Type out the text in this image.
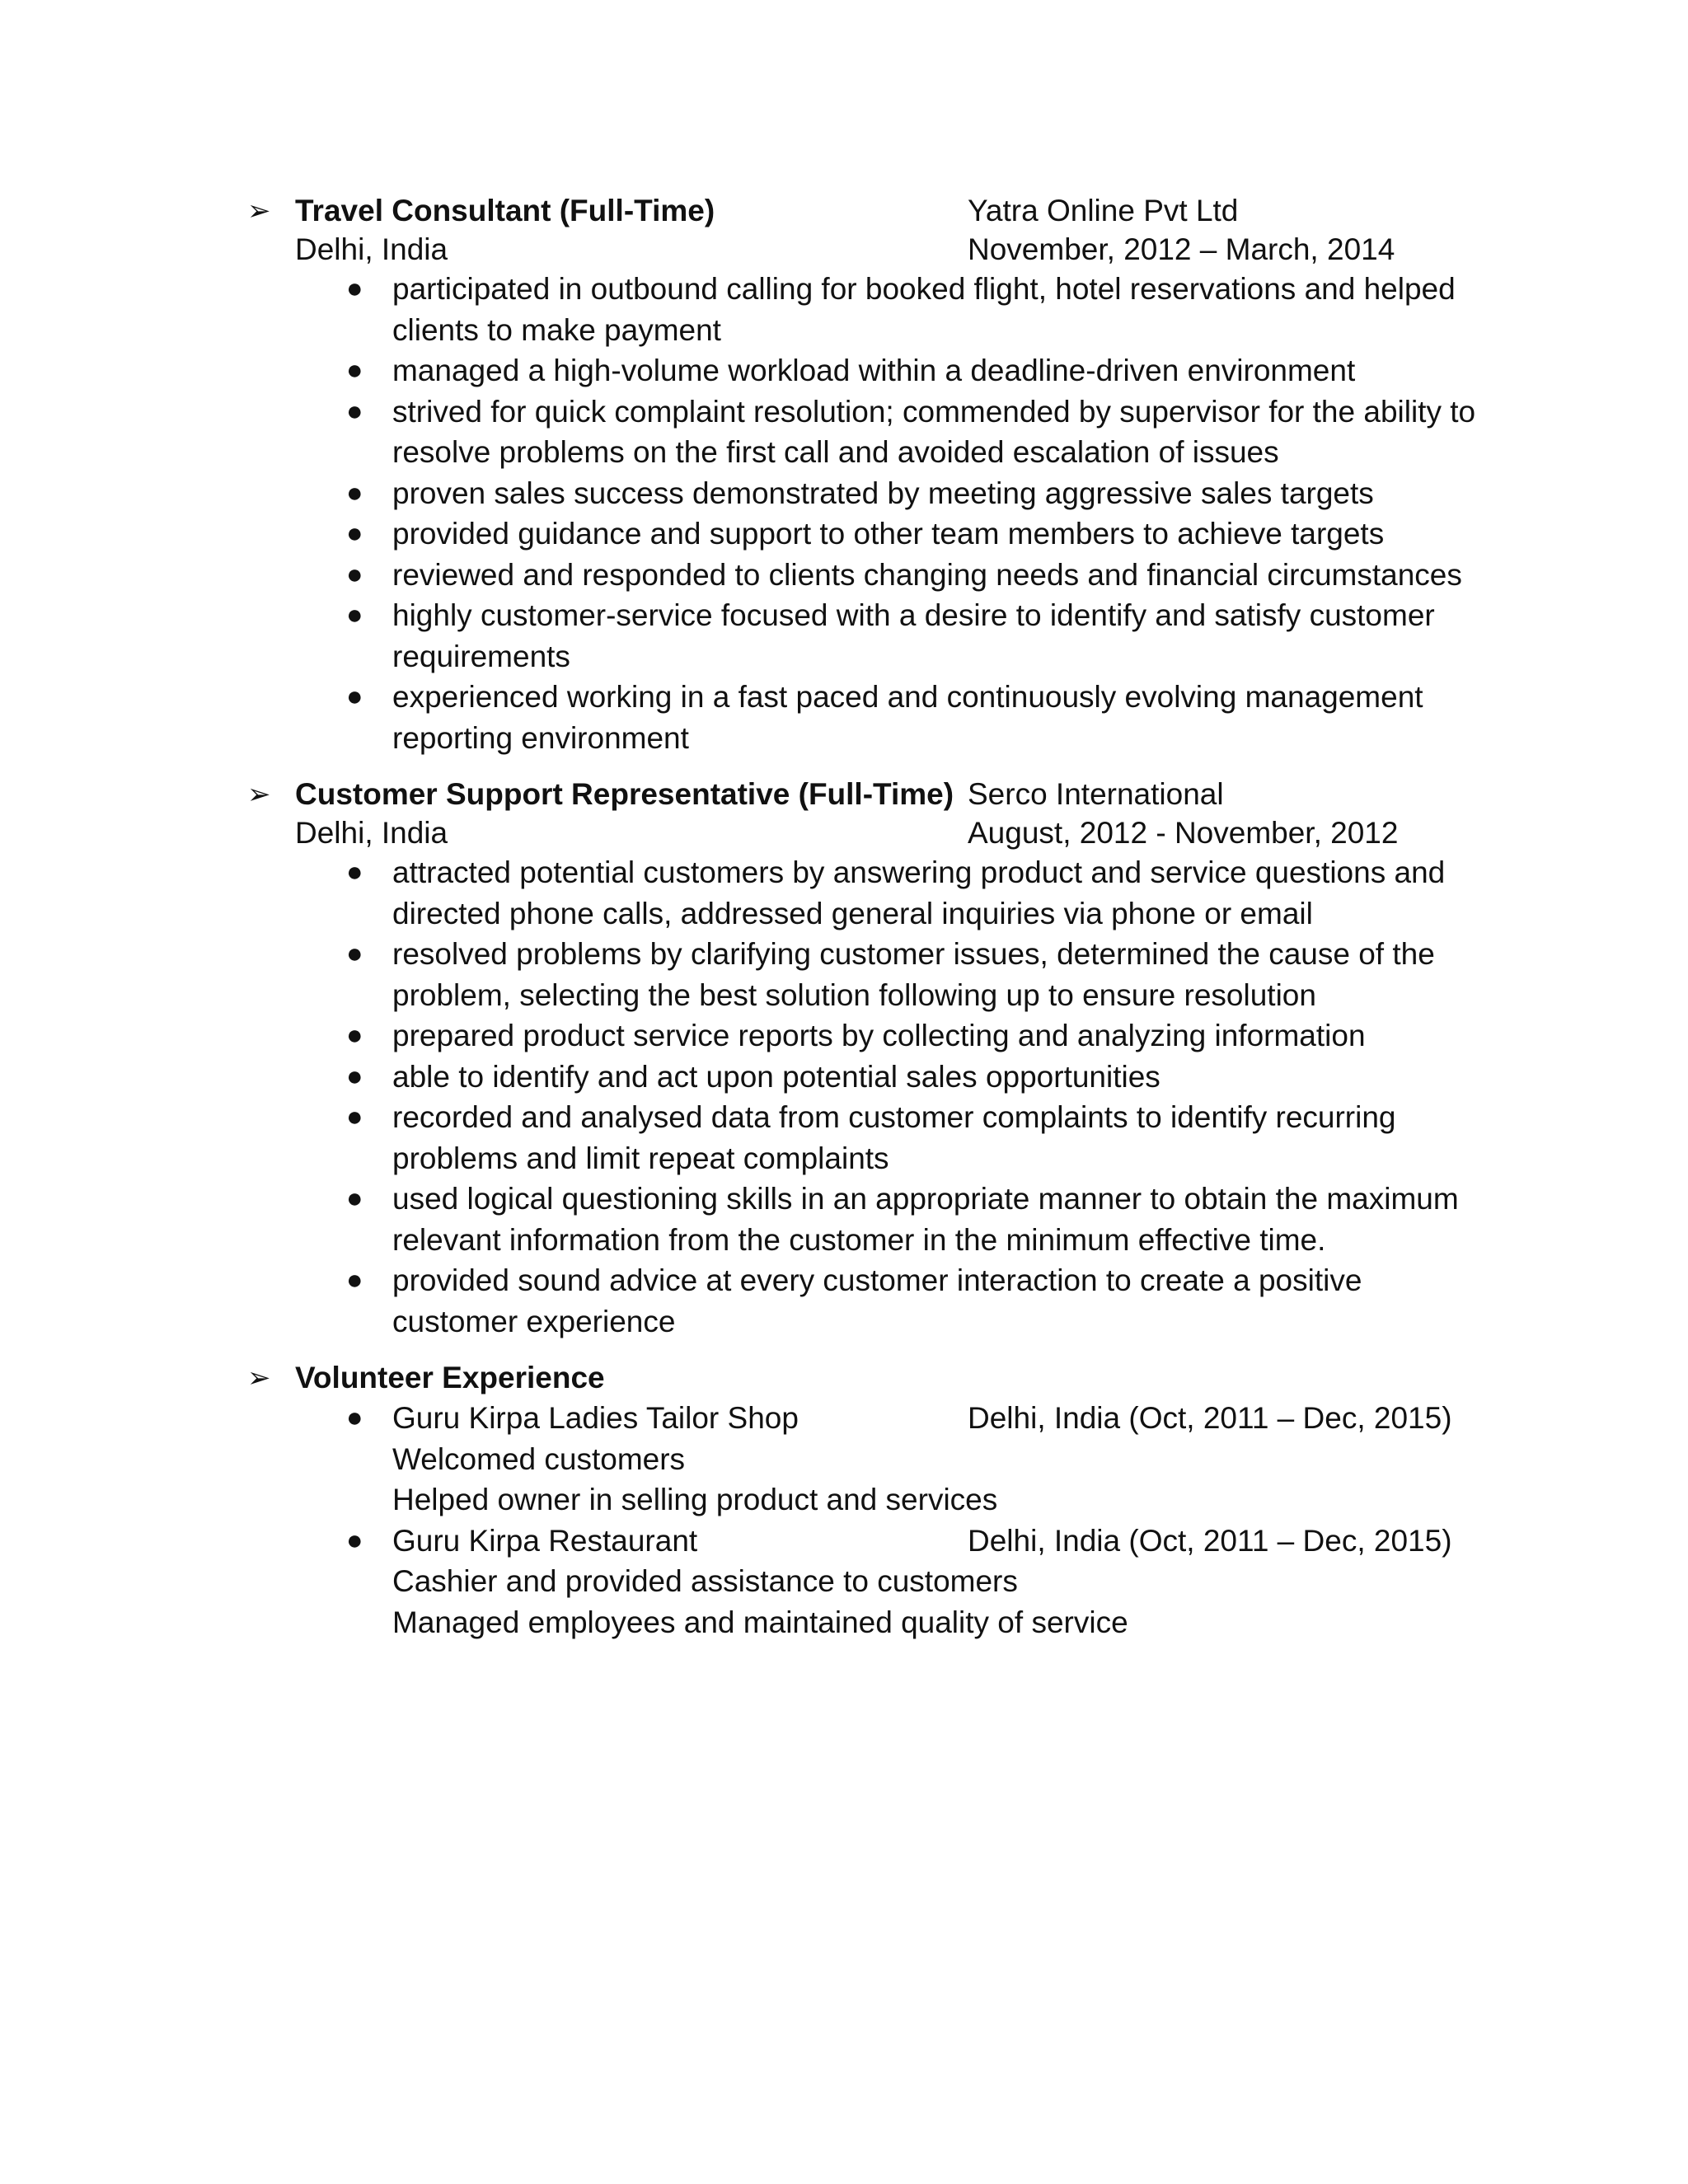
➢ Travel Consultant (Full-Time)	Yatra Online Pvt Ltd
Delhi, India	November, 2012 – March, 2014
● participated in outbound calling for booked flight, hotel reservations and helped clients to make payment
● managed a high-volume workload within a deadline-driven environment
● strived for quick complaint resolution; commended by supervisor for the ability to resolve problems on the first call and avoided escalation of issues
● proven sales success demonstrated by meeting aggressive sales targets
● provided guidance and support to other team members to achieve targets
● reviewed and responded to clients changing needs and financial circumstances
● highly customer-service focused with a desire to identify and satisfy customer requirements
● experienced working in a fast paced and continuously evolving management reporting environment
➢ Customer Support Representative (Full-Time) Serco International
Delhi, India	August, 2012 - November, 2012
● attracted potential customers by answering product and service questions and directed phone calls, addressed general inquiries via phone or email
● resolved problems by clarifying customer issues, determined the cause of the problem, selecting the best solution following up to ensure resolution
● prepared product service reports by collecting and analyzing information
● able to identify and act upon potential sales opportunities
● recorded and analysed data from customer complaints to identify recurring problems and limit repeat complaints
● used logical questioning skills in an appropriate manner to obtain the maximum relevant information from the customer in the minimum effective time.
● provided sound advice at every customer interaction to create a positive customer experience
➢ Volunteer Experience
● Guru Kirpa Ladies Tailor Shop	Delhi, India (Oct, 2011 – Dec, 2015)
Welcomed customers
Helped owner in selling product and services
● Guru Kirpa Restaurant	Delhi, India (Oct, 2011 – Dec, 2015)
Cashier and provided assistance to customers
Managed employees and maintained quality of service
